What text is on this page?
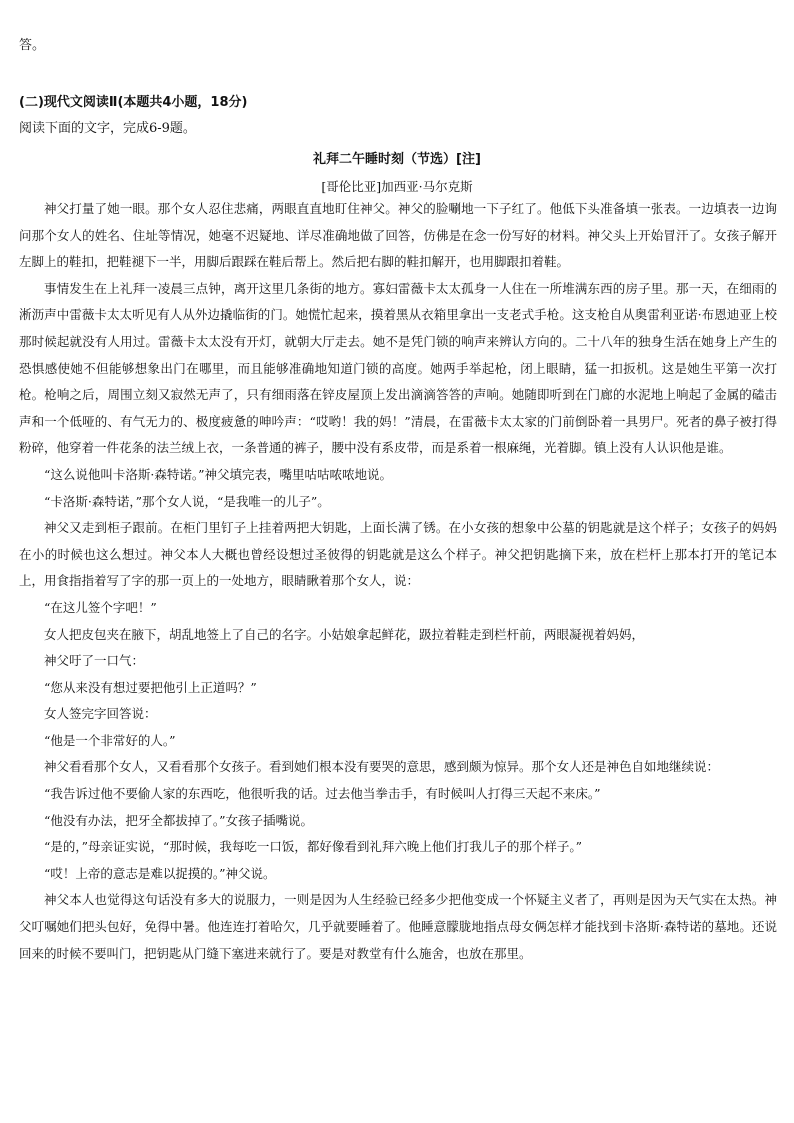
答。
(二)现代文阅读Ⅱ(本题共4小题，18分)
阅读下面的文字，完成6-9题。
礼拜二午睡时刻（节选）[注]
[哥伦比亚]加西亚·马尔克斯

神父打量了她一眼。那个女人忍住悲痛，两眼直直地盯住神父。神父的脸唰地一下子红了。他低下头准备填一张表。一边填表一边询问那个女人的姓名、住址等情况，她毫不迟疑地、详尽准确地做了回答，仿佛是在念一份写好的材料。神父头上开始冒汗了。女孩子解开左脚上的鞋扣，把鞋褪下一半，用脚后跟踩在鞋后帮上。然后把右脚的鞋扣解开，也用脚跟扣着鞋。

事情发生在上礼拜一凌晨三点钟，离开这里几条街的地方。寡妇雷薇卡太太孤身一人住在一所堆满东西的房子里。那一天，在细雨的淅沥声中雷薇卡太太听见有人从外边撬临街的门。她慌忙起来，摸着黑从衣箱里拿出一支老式手枪。这支枪自从奥雷利亚诺·布恩迪亚上校那时候起就没有人用过。雷薇卡太太没有开灯，就朝大厅走去。她不是凭门锁的响声来辨认方向的。二十八年的独身生活在她身上产生的恐惧感使她不但能够想象出门在哪里，而且能够准确地知道门锁的高度。她两手举起枪，闭上眼睛，猛一扣扳机。这是她生平第一次打枪。枪响之后，周围立刻又寂然无声了，只有细雨落在锌皮屋顶上发出滴滴答答的声响。她随即听到在门廊的水泥地上响起了金属的磕击声和一个低哑的、有气无力的、极度疲惫的呻吟声：“哎哟！我的妈！”清晨，在雷薇卡太太家的门前倒卧着一具男尸。死者的鼻子被打得粉碎，他穿着一件花条的法兰绒上衣，一条普通的裤子，腰中没有系皮带，而是系着一根麻绳，光着脚。镇上没有人认识他是谁。

“这么说他叫卡洛斯·森特诺。”神父填完表，嘴里咕咕哝哝地说。

“卡洛斯·森特诺，”那个女人说，“是我唯一的儿子”。

神父又走到柜子跟前。在柜门里钉子上挂着两把大钥匙，上面长满了锈。在小女孩的想象中公墓的钥匙就是这个样子；女孩子的妈妈在小的时候也这么想过。神父本人大概也曾经设想过圣彼得的钥匙就是这么个样子。神父把钥匙摘下来，放在栏杆上那本打开的笔记本上，用食指指着写了字的那一页上的一处地方，眼睛瞅着那个女人，说：

“在这儿签个字吧！”

女人把皮包夹在腋下，胡乱地签上了自己的名字。小姑娘拿起鲜花，趿拉着鞋走到栏杆前，两眼凝视着妈妈，

神父吁了一口气：

“您从来没有想过要把他引上正道吗？”

女人签完字回答说：

“他是一个非常好的人。”

神父看看那个女人，又看看那个女孩子。看到她们根本没有要哭的意思，感到颇为惊异。那个女人还是神色自如地继续说：

“我告诉过他不要偷人家的东西吃，他很听我的话。过去他当拳击手，有时候叫人打得三天起不来床。”

“他没有办法，把牙全都拔掉了。”女孩子插嘴说。

“是的，”母亲证实说，“那时候，我每吃一口饭，都好像看到礼拜六晚上他们打我儿子的那个样子。”

“哎！上帝的意志是难以捉摸的。”神父说。

神父本人也觉得这句话没有多大的说服力，一则是因为人生经验已经多少把他变成一个怀疑主义者了，再则是因为天气实在太热。神父叮嘱她们把头包好，免得中暑。他连连打着哈欠，几乎就要睡着了。他睡意朦胧地指点母女俩怎样才能找到卡洛斯·森特诺的墓地。还说回来的时候不要叫门，把钥匙从门缝下塞进来就行了。要是对教堂有什么施舍，也放在那里。
